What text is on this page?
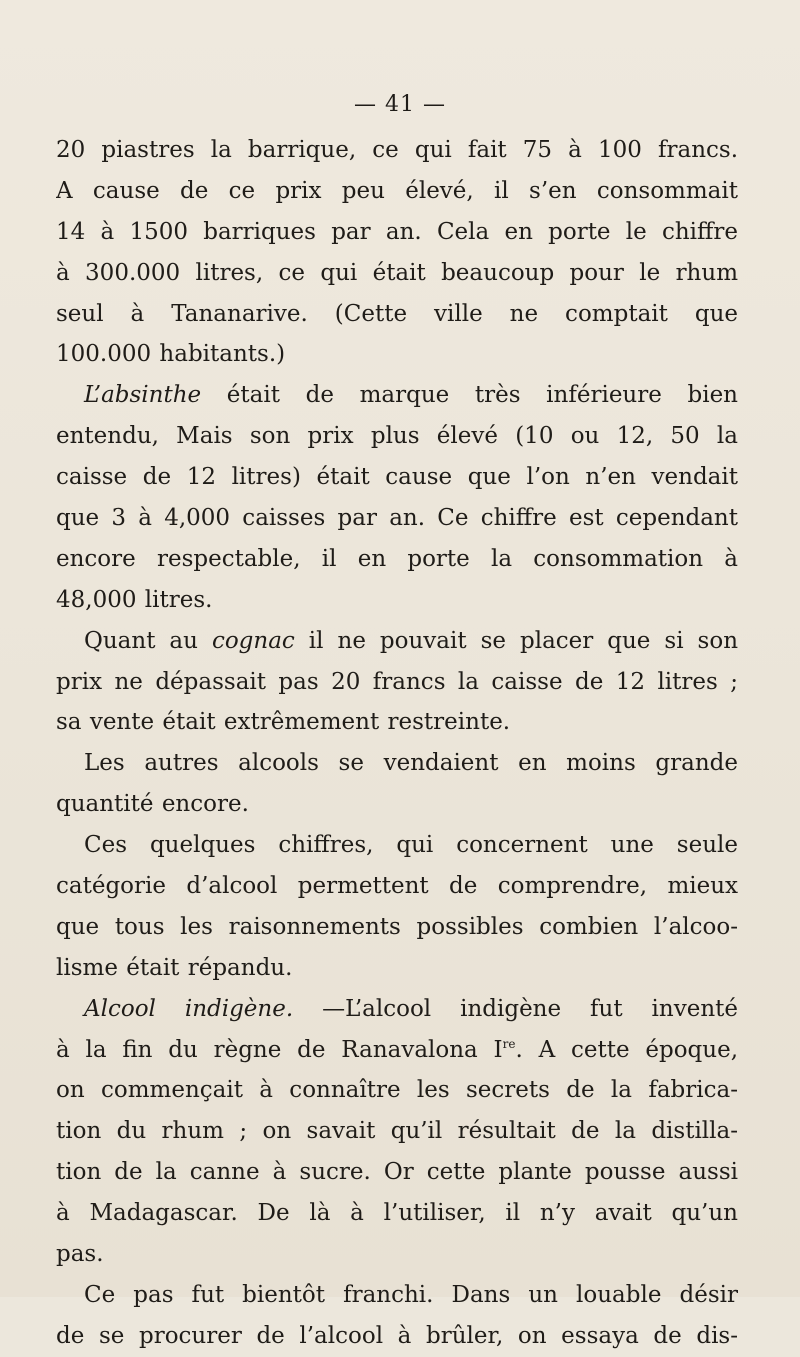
— 41 —
20 piastres la barrique, ce qui fait 75 à 100 francs.
A cause de ce prix peu élevé, il s’en consommait
14 à 1500 barriques par an. Cela en porte le chiffre
à 300.000 litres, ce qui était beaucoup pour le rhum
seul à Tananarive. (Cette ville ne comptait que
100.000 habitants.)
L’absinthe était de marque très inférieure bien
entendu, Mais son prix plus élevé (10 ou 12, 50 la
caisse de 12 litres) était cause que l’on n’en vendait
que 3 à 4,000 caisses par an. Ce chiffre est cependant
encore respectable, il en porte la consommation à
48,000 litres.
Quant au cognac il ne pouvait se placer que si son
prix ne dépassait pas 20 francs la caisse de 12 litres ;
sa vente était extrêmement restreinte.
Les autres alcools se vendaient en moins grande
quantité encore.
Ces quelques chiffres, qui concernent une seule
catégorie d’alcool permettent de comprendre, mieux
que tous les raisonnements possibles combien l’alcoo-
lisme était répandu.
Alcool indigène. —L’alcool indigène fut inventé
à la fin du règne de Ranavalona Ire. A cette époque,
on commençait à connaître les secrets de la fabrica-
tion du rhum ; on savait qu’il résultait de la distilla-
tion de la canne à sucre. Or cette plante pousse aussi
à Madagascar. De là à l’utiliser, il n’y avait qu’un
pas.
Ce pas fut bientôt franchi. Dans un louable désir
de se procurer de l’alcool à brûler, on essaya de dis-
